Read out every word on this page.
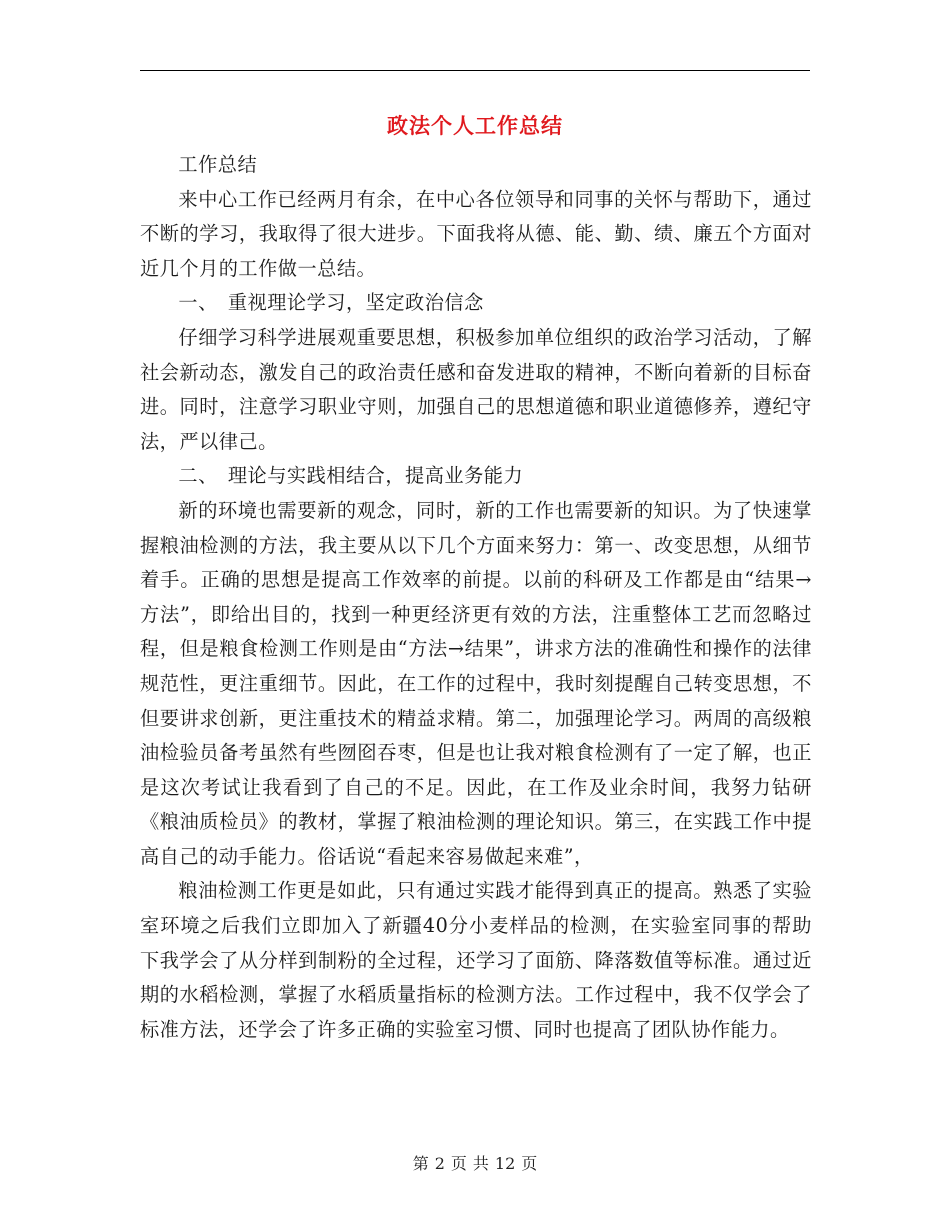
政法个人工作总结

工作总结

来中心工作已经两月有余，在中心各位领导和同事的关怀与帮助下，通过不断的学习，我取得了很大进步。下面我将从德、能、勤、绩、廉五个方面对近几个月的工作做一总结。

一、　重视理论学习，坚定政治信念

仔细学习科学进展观重要思想，积极参加单位组织的政治学习活动，了解社会新动态，激发自己的政治责任感和奋发进取的精神，不断向着新的目标奋进。同时，注意学习职业守则，加强自己的思想道德和职业道德修养，遵纪守法，严以律己。

二、　理论与实践相结合，提高业务能力

新的环境也需要新的观念，同时，新的工作也需要新的知识。为了快速掌握粮油检测的方法，我主要从以下几个方面来努力：第一、改变思想，从细节着手。正确的思想是提高工作效率的前提。以前的科研及工作都是由“结果→方法”，即给出目的，找到一种更经济更有效的方法，注重整体工艺而忽略过程，但是粮食检测工作则是由“方法→结果”，讲求方法的准确性和操作的法律规范性，更注重细节。因此，在工作的过程中，我时刻提醒自己转变思想，不但要讲求创新，更注重技术的精益求精。第二，加强理论学习。两周的高级粮油检验员备考虽然有些囫囵吞枣，但是也让我对粮食检测有了一定了解，也正是这次考试让我看到了自己的不足。因此，在工作及业余时间，我努力钻研《粮油质检员》的教材，掌握了粮油检测的理论知识。第三，在实践工作中提高自己的动手能力。俗话说“看起来容易做起来难”，

粮油检测工作更是如此，只有通过实践才能得到真正的提高。熟悉了实验室环境之后我们立即加入了新疆40分小麦样品的检测，在实验室同事的帮助下我学会了从分样到制粉的全过程，还学习了面筋、降落数值等标准。通过近期的水稻检测，掌握了水稻质量指标的检测方法。工作过程中，我不仅学会了标准方法，还学会了许多正确的实验室习惯、同时也提高了团队协作能力。

第 2 页 共 12 页
